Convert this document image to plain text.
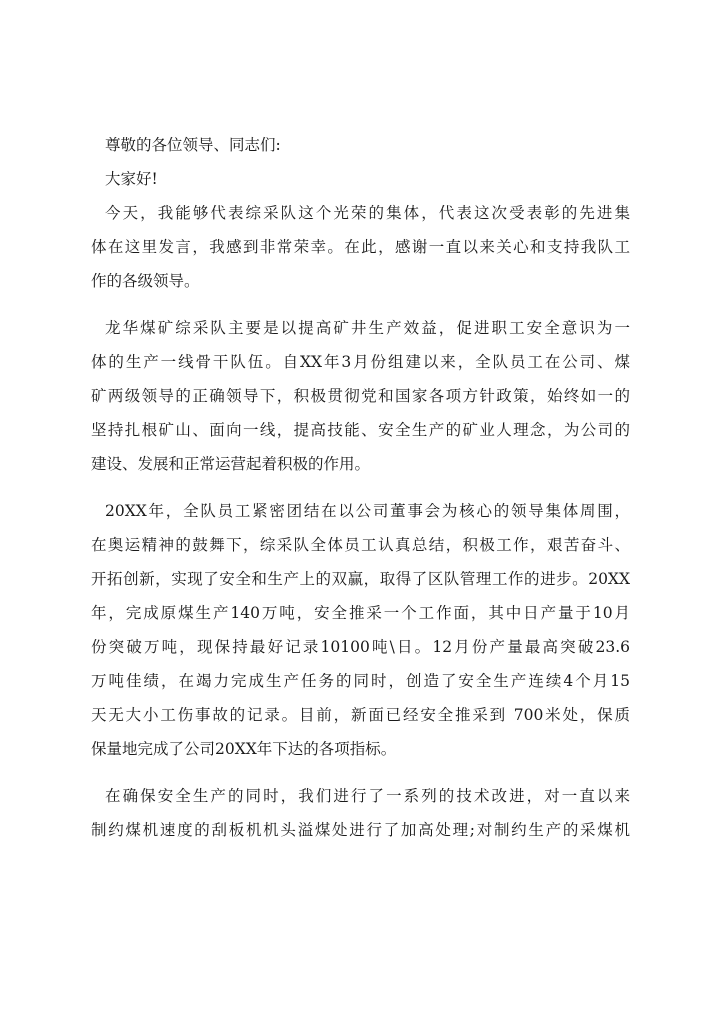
尊敬的各位领导、同志们:
大家好!
今天，我能够代表综采队这个光荣的集体，代表这次受表彰的先进集
体在这里发言，我感到非常荣幸。在此，感谢一直以来关心和支持我队工
作的各级领导。
龙华煤矿综采队主要是以提高矿井生产效益，促进职工安全意识为一
体的生产一线骨干队伍。自XX年3月份组建以来，全队员工在公司、煤
矿两级领导的正确领导下，积极贯彻党和国家各项方针政策，始终如一的
坚持扎根矿山、面向一线，提高技能、安全生产的矿业人理念，为公司的
建设、发展和正常运营起着积极的作用。
20XX年，全队员工紧密团结在以公司董事会为核心的领导集体周围，
在奥运精神的鼓舞下，综采队全体员工认真总结，积极工作，艰苦奋斗、
开拓创新，实现了安全和生产上的双赢，取得了区队管理工作的进步。20XX
年，完成原煤生产140万吨，安全推采一个工作面，其中日产量于10月
份突破万吨，现保持最好记录10100吨\日。12月份产量最高突破23.6
万吨佳绩，在竭力完成生产任务的同时，创造了安全生产连续4个月15
天无大小工伤事故的记录。目前，新面已经安全推采到 700米处，保质
保量地完成了公司20XX年下达的各项指标。
在确保安全生产的同时，我们进行了一系列的技术改进，对一直以来
制约煤机速度的刮板机机头溢煤处进行了加高处理;对制约生产的采煤机
